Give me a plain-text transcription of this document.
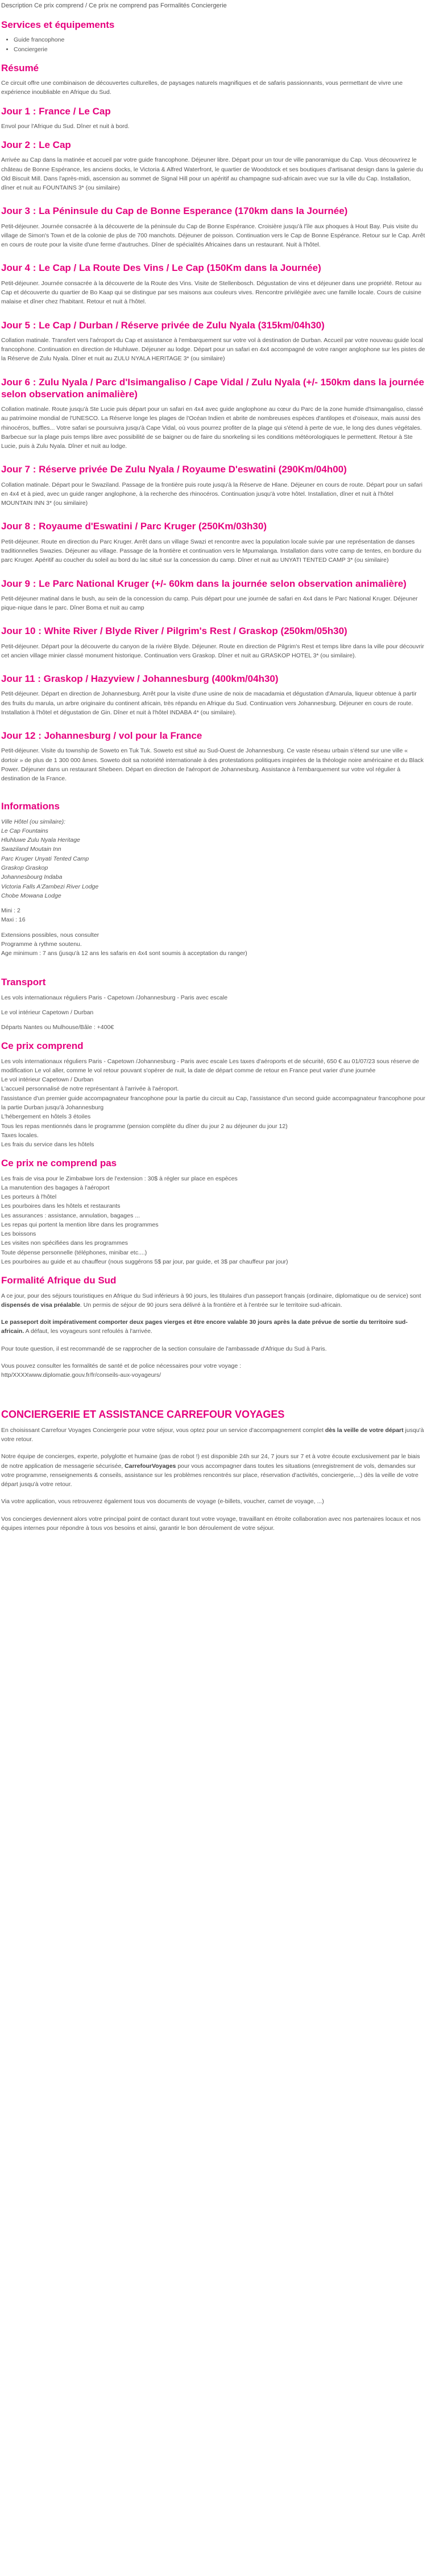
Description Ce prix comprend / Ce prix ne comprend pas Formalités Conciergerie
Services et équipements
• Guide francophone
• Conciergerie
Résumé

Ce circuit offre une combinaison de découvertes culturelles, de paysages naturels magnifiques et de safaris passionnants, vous permettant de vivre une expérience inoubliable en Afrique du Sud.

Jour 1 : France / Le Cap

Envol pour l'Afrique du Sud. Dîner et nuit à bord.

Jour 2 : Le Cap

Arrivée au Cap dans la matinée et accueil par votre guide francophone. Déjeuner libre. Départ pour un tour de ville panoramique du Cap. Vous découvrirez le château de Bonne Espérance, les anciens docks, le Victoria & Alfred Waterfront, le quartier de Woodstock et ses boutiques d'artisanat design dans la galerie du Old Biscuit Mill. Dans l'après-midi, ascension au sommet de Signal Hill pour un apéritif au champagne sud-africain avec vue sur la ville du Cap. Installation, dîner et nuit au FOUNTAINS 3* (ou similaire)

Jour 3 : La Péninsule du Cap de Bonne Esperance (170km dans la Journée)

Petit-déjeuner. Journée consacrée à la découverte de la péninsule du Cap de Bonne Espérance. Croisière jusqu'à l'île aux phoques à Hout Bay. Puis visite du village de Simon's Town et de la colonie de plus de 700 manchots. Déjeuner de poisson. Continuation vers le Cap de Bonne Espérance. Retour sur le Cap. Arrêt en cours de route pour la visite d'une ferme d'autruches. Dîner de spécialités Africaines dans un restaurant. Nuit à l'hôtel.

Jour 4 : Le Cap / La Route Des Vins / Le Cap (150Km dans la Journée)

Petit-déjeuner. Journée consacrée à la découverte de la Route des Vins. Visite de Stellenbosch. Dégustation de vins et déjeuner dans une propriété. Retour au Cap et découverte du quartier de Bo Kaap qui se distingue par ses maisons aux couleurs vives. Rencontre privilégiée avec une famille locale. Cours de cuisine malaise et dîner chez l'habitant. Retour et nuit à l'hôtel.

Jour 5 : Le Cap / Durban / Réserve privée de Zulu Nyala (315km/04h30)

Collation matinale. Transfert vers l'aéroport du Cap et assistance à l'embarquement sur votre vol à destination de Durban. Accueil par votre nouveau guide local francophone. Continuation en direction de Hluhluwe. Déjeuner au lodge. Départ pour un safari en 4x4 accompagné de votre ranger anglophone sur les pistes de la Réserve de Zulu Nyala. Dîner et nuit au ZULU NYALA HERITAGE 3* (ou similaire)

Jour 6 : Zulu Nyala / Parc d'Isimangaliso / Cape Vidal / Zulu Nyala (+/- 150km dans la journée selon observation animalière)

Collation matinale. Route jusqu'à Ste Lucie puis départ pour un safari en 4x4 avec guide anglophone au cœur du Parc de la zone humide d'Isimangaliso, classé au patrimoine mondial de l'UNESCO. La Réserve longe les plages de l'Océan Indien et abrite de nombreuses espèces d'antilopes et d'oiseaux, mais aussi des rhinocéros, buffles... Votre safari se poursuivra jusqu'à Cape Vidal, où vous pourrez profiter de la plage qui s'étend à perte de vue, le long des dunes végétales. Barbecue sur la plage puis temps libre avec possibilité de se baigner ou de faire du snorkeling si les conditions météorologiques le permettent. Retour à Ste Lucie, puis à Zulu Nyala. Dîner et nuit au lodge.

Jour 7 : Réserve privée De Zulu Nyala / Royaume D'eswatini (290Km/04h00)

Collation matinale. Départ pour le Swaziland. Passage de la frontière puis route jusqu'à la Réserve de Hlane. Déjeuner en cours de route. Départ pour un safari en 4x4 et à pied, avec un guide ranger anglophone, à la recherche des rhinocéros. Continuation jusqu'à votre hôtel. Installation, dîner et nuit à l'hôtel MOUNTAIN INN 3* (ou similaire)

Jour 8 : Royaume d'Eswatini / Parc Kruger (250Km/03h30)

Petit-déjeuner. Route en direction du Parc Kruger. Arrêt dans un village Swazi et rencontre avec la population locale suivie par une représentation de danses traditionnelles Swazies. Déjeuner au village. Passage de la frontière et continuation vers le Mpumalanga. Installation dans votre camp de tentes, en bordure du parc Kruger. Apéritif au coucher du soleil au bord du lac situé sur la concession du camp. Dîner et nuit au UNYATI TENTED CAMP 3* (ou similaire)

Jour 9 : Le Parc National Kruger (+/- 60km dans la journée selon observation animalière)

Petit-déjeuner matinal dans le bush, au sein de la concession du camp. Puis départ pour une journée de safari en 4x4 dans le Parc National Kruger. Déjeuner pique-nique dans le parc. Dîner Boma et nuit au camp

Jour 10 : White River / Blyde River / Pilgrim's Rest / Graskop (250km/05h30)

Petit-déjeuner. Départ pour la découverte du canyon de la rivière Blyde. Déjeuner. Route en direction de Pilgrim's Rest et temps libre dans la ville pour découvrir cet ancien village minier classé monument historique. Continuation vers Graskop. Dîner et nuit au GRASKOP HOTEL 3* (ou similaire).

Jour 11 : Graskop / Hazyview / Johannesburg (400km/04h30)

Petit-déjeuner. Départ en direction de Johannesburg. Arrêt pour la visite d'une usine de noix de macadamia et dégustation d'Amarula, liqueur obtenue à partir des fruits du marula, un arbre originaire du continent africain, très répandu en Afrique du Sud. Continuation vers Johannesburg. Déjeuner en cours de route. Installation à l'hôtel et dégustation de Gin. Dîner et nuit à l'hôtel INDABA 4* (ou similaire).

Jour 12 : Johannesburg / vol pour la France

Petit-déjeuner. Visite du township de Soweto en Tuk Tuk. Soweto est situé au Sud-Ouest de Johannesburg. Ce vaste réseau urbain s'étend sur une ville « dortoir » de plus de 1 300 000 âmes. Soweto doit sa notoriété internationale à des protestations politiques inspirées de la théologie noire américaine et du Black Power. Déjeuner dans un restaurant Shebeen. Départ en direction de l'aéroport de Johannesburg. Assistance à l'embarquement sur votre vol régulier à destination de la France.

Informations
Ville Hôtel (ou similaire):
Le Cap Fountains
Hluhluwe Zulu Nyala Heritage
Swaziland Moutain Inn
Parc Kruger Unyati Tented Camp
Graskop Graskop
Johannesbourg Indaba
Victoria Falls A'Zambezi River Lodge
Chobe Mowana Lodge
Mini : 2
Maxi : 16
Extensions possibles, nous consulter
Programme à rythme soutenu.
Age minimum : 7 ans (jusqu'à 12 ans les safaris en 4x4 sont soumis à acceptation du ranger)
Transport
Les vols internationaux réguliers Paris - Capetown /Johannesburg - Paris avec escale
Le vol intérieur Capetown / Durban
Départs Nantes ou Mulhouse/Bâle : +400€
Ce prix comprend
Les vols internationaux réguliers Paris - Capetown /Johannesburg - Paris avec escale Les taxes d'aéroports et de sécurité, 650 € au 01/07/23 sous réserve de modification Le vol aller, comme le vol retour pouvant s'opérer de nuit, la date de départ comme de retour en France peut varier d'une journée
Le vol intérieur Capetown / Durban
L'accueil personnalisé de notre représentant à l'arrivée à l'aéroport.
l'assistance d'un premier guide accompagnateur francophone pour la partie du circuit au Cap, l'assistance d'un second guide accompagnateur francophone pour la partie Durban jusqu'à Johannesburg
L'hébergement en hôtels 3 étoiles
Tous les repas mentionnés dans le programme (pension complète du dîner du jour 2 au déjeuner du jour 12)
Taxes locales.
Les frais du service dans les hôtels
Ce prix ne comprend pas
Les frais de visa pour le Zimbabwe lors de l'extension : 30$ à régler sur place en espèces
La manutention des bagages à l'aéroport
Les porteurs à l'hôtel
Les pourboires dans les hôtels et restaurants
Les assurances : assistance, annulation, bagages ...
Les repas qui portent la mention libre dans les programmes
Les boissons
Les visites non spécifiées dans les programmes
Toute dépense personnelle (téléphones, minibar etc....)
Les pourboires au guide et au chauffeur (nous suggérons 5$ par jour, par guide, et 3$ par chauffeur par jour)
Formalité Afrique du Sud

A ce jour, pour des séjours touristiques en Afrique du Sud inférieurs à 90 jours, les titulaires d'un passeport français (ordinaire, diplomatique ou de service) sont dispensés de visa préalable. Un permis de séjour de 90 jours sera délivré à la frontière et à l'entrée sur le territoire sud-africain.

Le passeport doit impérativement comporter deux pages vierges et être encore valable 30 jours après la date prévue de sortie du territoire sud-africain. A défaut, les voyageurs sont refoulés à l'arrivée.

Pour toute question, il est recommandé de se rapprocher de la section consulaire de l'ambassade d'Afrique du Sud à Paris.

Vous pouvez consulter les formalités de santé et de police nécessaires pour votre voyage :
http/XXXXwww.diplomatie.gouv.fr/fr/conseils-aux-voyageurs/

CONCIERGERIE ET ASSISTANCE CARREFOUR VOYAGES

En choisissant Carrefour Voyages Conciergerie pour votre séjour, vous optez pour un service d'accompagnement complet dès la veille de votre départ jusqu'à votre retour.

Notre équipe de concierges, experte, polyglotte et humaine (pas de robot !) est disponible 24h sur 24, 7 jours sur 7 et à votre écoute exclusivement par le biais de notre application de messagerie sécurisée, CarrefourVoyages pour vous accompagner dans toutes les situations (enregistrement de vols, demandes sur votre programme, renseignements & conseils, assistance sur les problèmes rencontrés sur place, réservation d'activités, conciergerie,...) dès la veille de votre départ jusqu'à votre retour.

Via votre application, vous retrouverez également tous vos documents de voyage (e-billets, voucher, carnet de voyage, ...)

Vos concierges deviennent alors votre principal point de contact durant tout votre voyage, travaillant en étroite collaboration avec nos partenaires locaux et nos équipes internes pour répondre à tous vos besoins et ainsi, garantir le bon déroulement de votre séjour.
